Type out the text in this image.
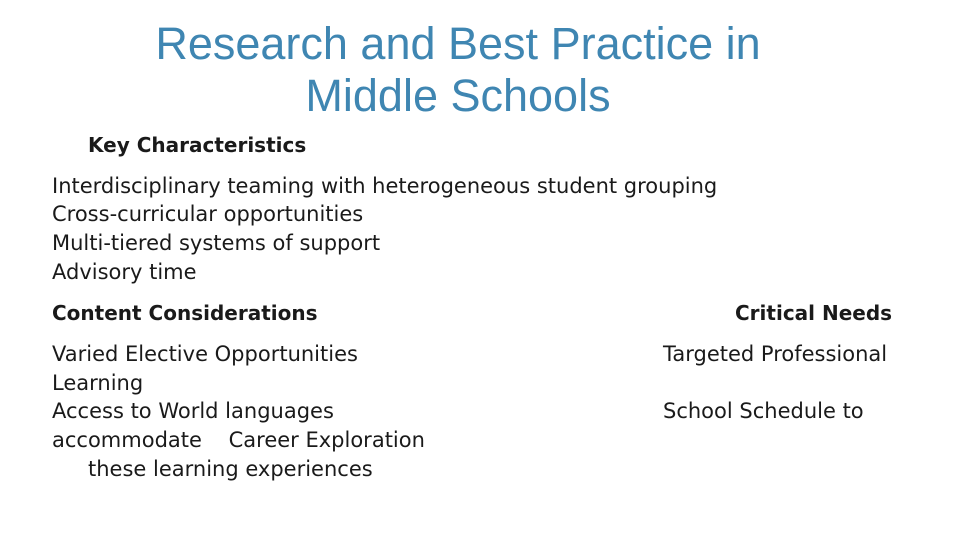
Research and Best Practice in
Middle Schools
Key Characteristics
Interdisciplinary teaming with heterogeneous student grouping
Cross-curricular opportunities
Multi-tiered systems of support
Advisory time
Content Considerations	Critical Needs
Varied Elective Opportunities
Learning
Access to World languages
accommodate    Career Exploration
these learning experiences
Targeted Professional
School Schedule to
